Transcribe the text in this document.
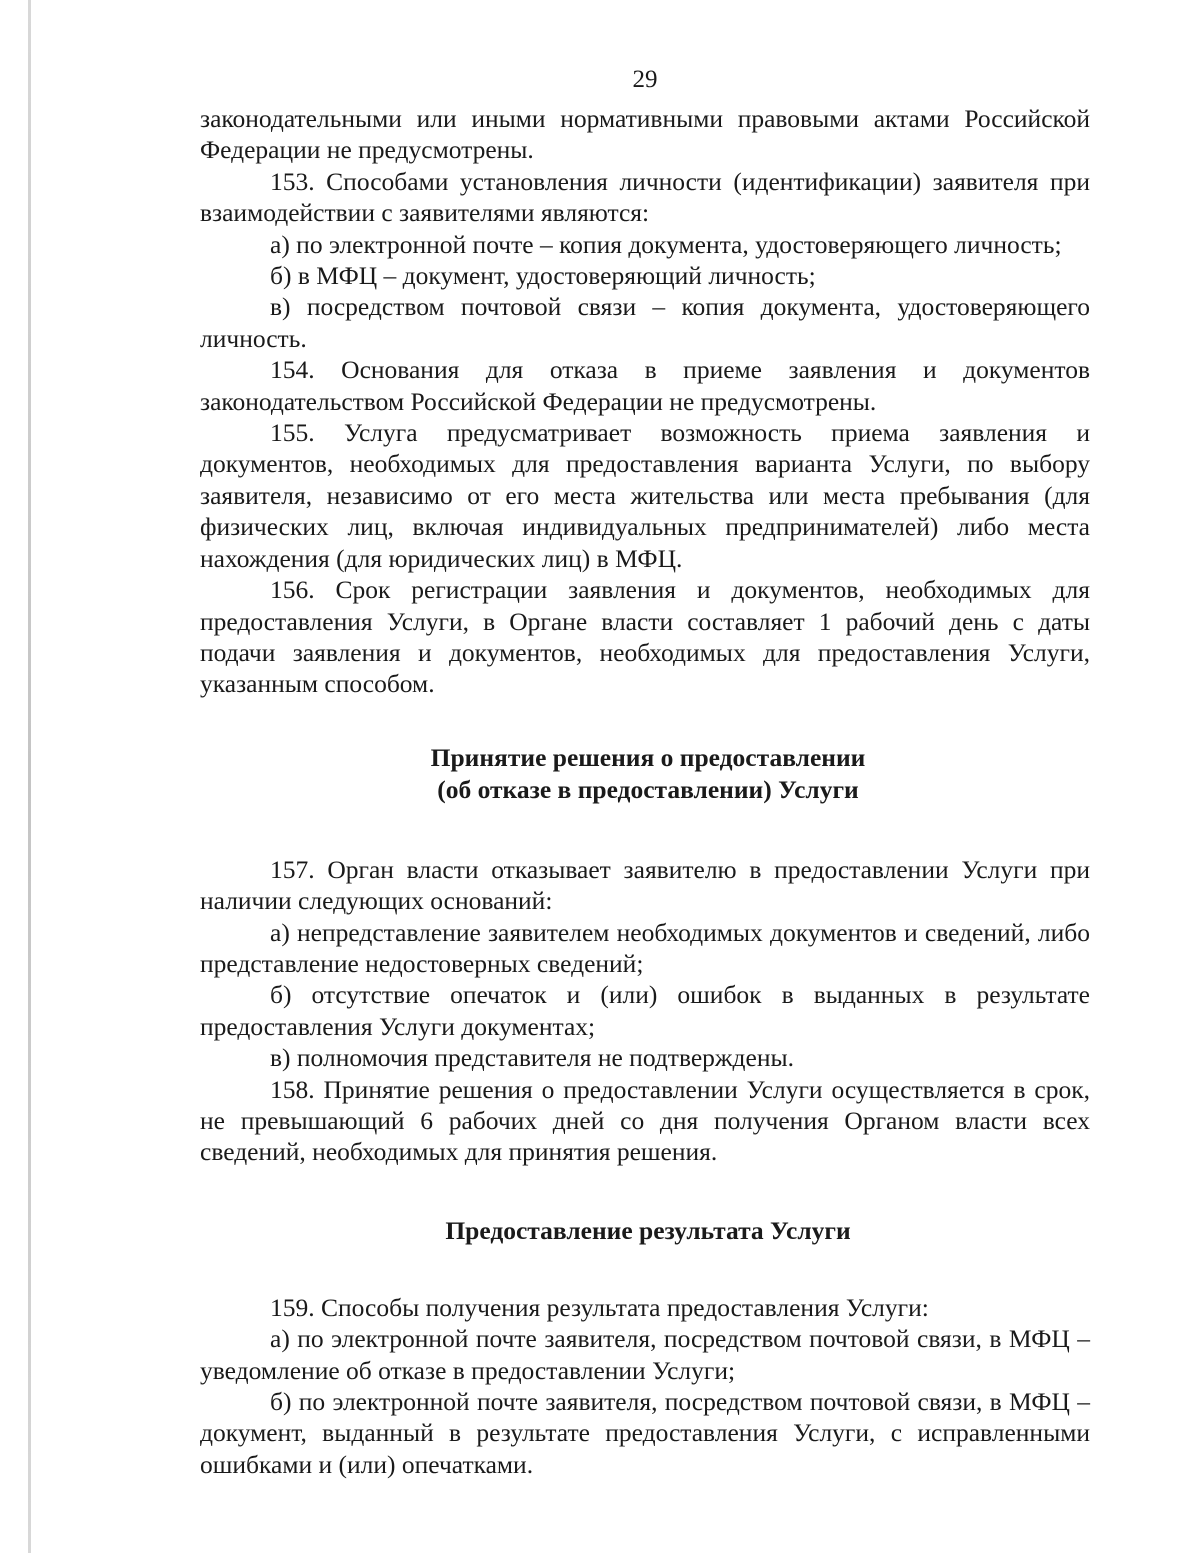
29

законодательными или иными нормативными правовыми актами Российской Федерации не предусмотрены.

153. Способами установления личности (идентификации) заявителя при взаимодействии с заявителями являются:

а) по электронной почте – копия документа, удостоверяющего личность;

б) в МФЦ – документ, удостоверяющий личность;

в) посредством почтовой связи – копия документа, удостоверяющего личность.

154. Основания для отказа в приеме заявления и документов законодательством Российской Федерации не предусмотрены.

155. Услуга предусматривает возможность приема заявления и документов, необходимых для предоставления варианта Услуги, по выбору заявителя, независимо от его места жительства или места пребывания (для физических лиц, включая индивидуальных предпринимателей) либо места нахождения (для юридических лиц) в МФЦ.

156. Срок регистрации заявления и документов, необходимых для предоставления Услуги, в Органе власти составляет 1 рабочий день с даты подачи заявления и документов, необходимых для предоставления Услуги, указанным способом.

Принятие решения о предоставлении
(об отказе в предоставлении) Услуги

157. Орган власти отказывает заявителю в предоставлении Услуги при наличии следующих оснований:

а) непредставление заявителем необходимых документов и сведений, либо представление недостоверных сведений;

б) отсутствие опечаток и (или) ошибок в выданных в результате предоставления Услуги документах;

в) полномочия представителя не подтверждены.

158. Принятие решения о предоставлении Услуги осуществляется в срок, не превышающий 6 рабочих дней со дня получения Органом власти всех сведений, необходимых для принятия решения.

Предоставление результата Услуги

159. Способы получения результата предоставления Услуги:

а) по электронной почте заявителя, посредством почтовой связи, в МФЦ – уведомление об отказе в предоставлении Услуги;

б) по электронной почте заявителя, посредством почтовой связи, в МФЦ – документ, выданный в результате предоставления Услуги, с исправленными ошибками и (или) опечатками.
